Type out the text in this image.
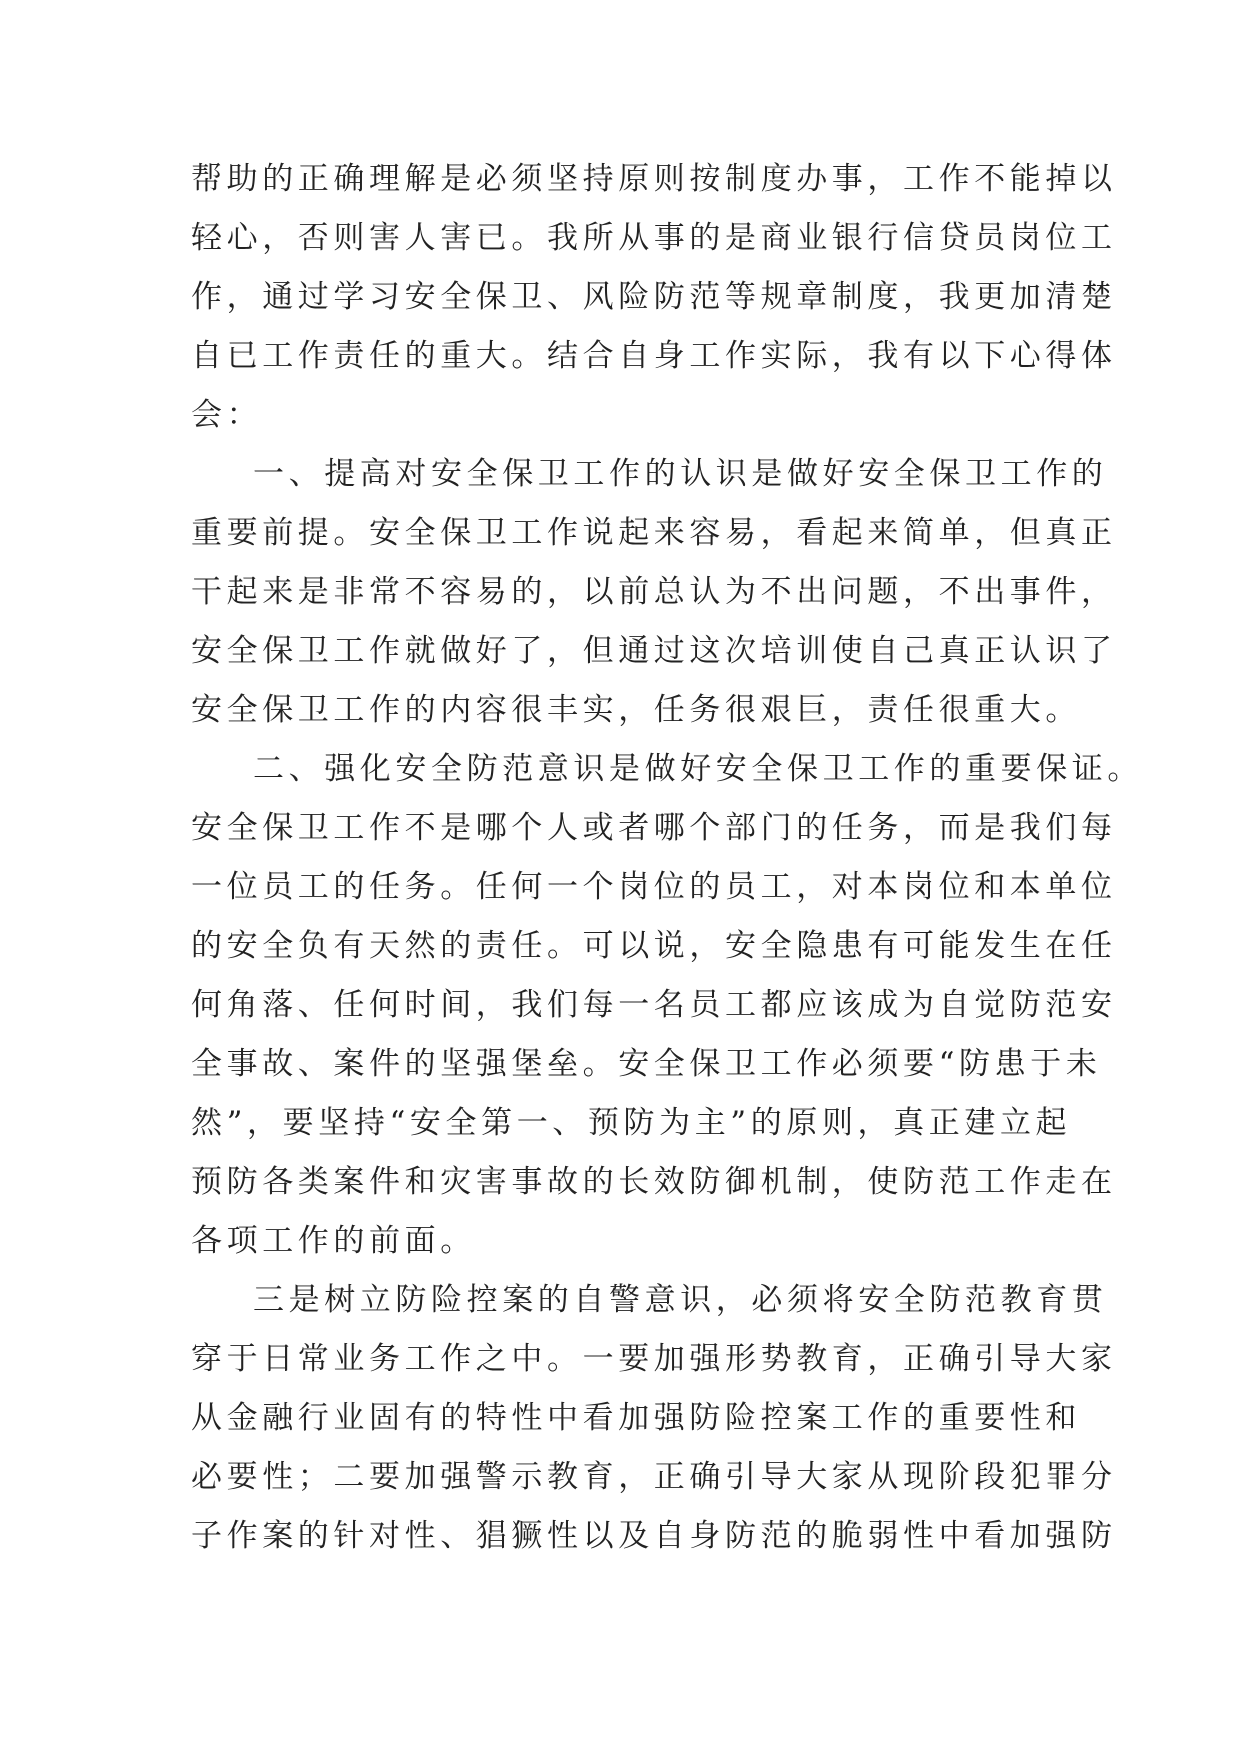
帮助的正确理解是必须坚持原则按制度办事，工作不能掉以
轻心，否则害人害已。我所从事的是商业银行信贷员岗位工
作，通过学习安全保卫、风险防范等规章制度，我更加清楚
自已工作责任的重大。结合自身工作实际，我有以下心得体
会：
一、提高对安全保卫工作的认识是做好安全保卫工作的
重要前提。安全保卫工作说起来容易，看起来简单，但真正
干起来是非常不容易的，以前总认为不出问题，不出事件，
安全保卫工作就做好了，但通过这次培训使自己真正认识了
安全保卫工作的内容很丰实，任务很艰巨，责任很重大。
二、强化安全防范意识是做好安全保卫工作的重要保证。
安全保卫工作不是哪个人或者哪个部门的任务，而是我们每
一位员工的任务。任何一个岗位的员工，对本岗位和本单位
的安全负有天然的责任。可以说，安全隐患有可能发生在任
何角落、任何时间，我们每一名员工都应该成为自觉防范安
全事故、案件的坚强堡垒。安全保卫工作必须要“防患于未
然”，要坚持“安全第一、预防为主”的原则，真正建立起
预防各类案件和灾害事故的长效防御机制，使防范工作走在
各项工作的前面。
三是树立防险控案的自警意识，必须将安全防范教育贯
穿于日常业务工作之中。一要加强形势教育，正确引导大家
从金融行业固有的特性中看加强防险控案工作的重要性和
必要性；二要加强警示教育，正确引导大家从现阶段犯罪分
子作案的针对性、猖獗性以及自身防范的脆弱性中看加强防
